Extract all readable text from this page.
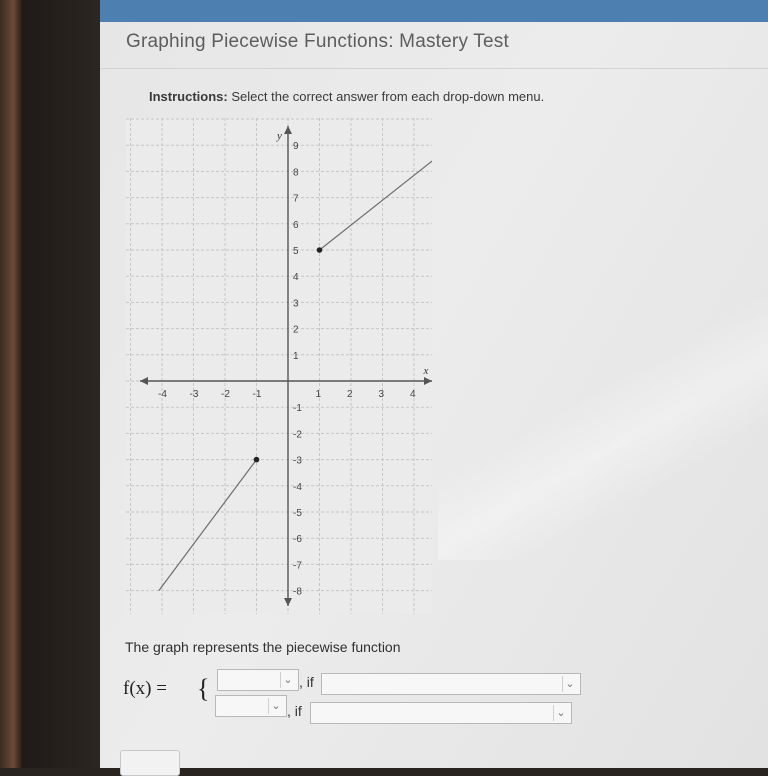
Graphing Piecewise Functions: Mastery Test
Instructions: Select the correct answer from each drop-down menu.
x
y
-4 -3 -2 -1	1	2	3	4
9
8
7
6
5
4
3
2
1
-1
-2
-3
-4
-5
-6
-7
-8
The graph represents the piecewise function
f(x) = {	⌄ , if	⌄
⌄ , if	⌄
